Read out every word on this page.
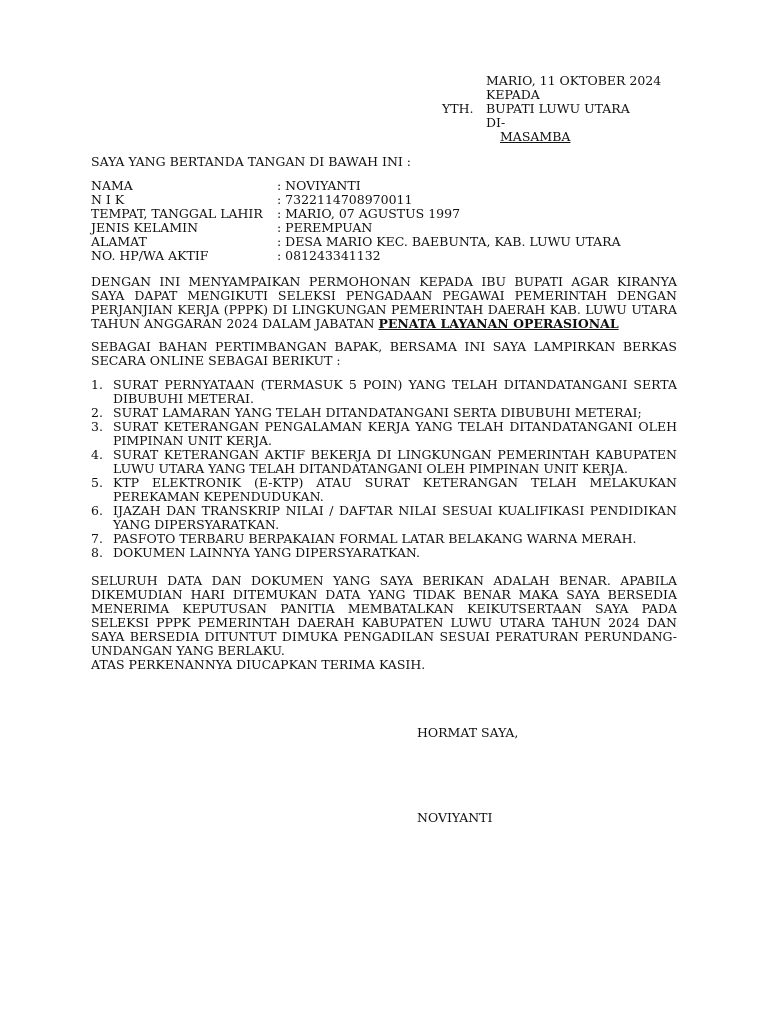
YTH.
MARIO, 11 OKTOBER 2024
KEPADA
BUPATI LUWU UTARA
DI-
MASAMBA
SAYA YANG BERTANDA TANGAN DI BAWAH INI :
NAMA	: NOVIYANTI
N I K	: 7322114708970011
TEMPAT, TANGGAL LAHIR	: MARIO, 07 AGUSTUS 1997
JENIS KELAMIN	: PEREMPUAN
ALAMAT	: DESA MARIO KEC. BAEBUNTA, KAB. LUWU UTARA
NO. HP/WA AKTIF	: 081243341132
DENGAN INI MENYAMPAIKAN PERMOHONAN KEPADA IBU BUPATI AGAR KIRANYA SAYA DAPAT MENGIKUTI SELEKSI PENGADAAN PEGAWAI PEMERINTAH DENGAN PERJANJIAN KERJA (PPPK) DI LINGKUNGAN PEMERINTAH DAERAH KAB. LUWU UTARA TAHUN ANGGARAN 2024 DALAM JABATAN PENATA LAYANAN OPERASIONAL
SEBAGAI BAHAN PERTIMBANGAN BAPAK, BERSAMA INI SAYA LAMPIRKAN BERKAS SECARA ONLINE SEBAGAI BERIKUT :
1. SURAT PERNYATAAN (TERMASUK 5 POIN) YANG TELAH DITANDATANGANI SERTA DIBUBUHI METERAI.
2. SURAT LAMARAN YANG TELAH DITANDATANGANI SERTA DIBUBUHI METERAI;
3. SURAT KETERANGAN PENGALAMAN KERJA YANG TELAH DITANDATANGANI OLEH PIMPINAN UNIT KERJA.
4. SURAT KETERANGAN AKTIF BEKERJA DI LINGKUNGAN PEMERINTAH KABUPATEN LUWU UTARA YANG TELAH DITANDATANGANI OLEH PIMPINAN UNIT KERJA.
5. KTP ELEKTRONIK (E-KTP) ATAU SURAT KETERANGAN TELAH MELAKUKAN PEREKAMAN KEPENDUDUKAN.
6. IJAZAH DAN TRANSKRIP NILAI / DAFTAR NILAI SESUAI KUALIFIKASI PENDIDIKAN YANG DIPERSYARATKAN.
7. PASFOTO TERBARU BERPAKAIAN FORMAL LATAR BELAKANG WARNA MERAH.
8. DOKUMEN LAINNYA YANG DIPERSYARATKAN.
SELURUH DATA DAN DOKUMEN YANG SAYA BERIKAN ADALAH BENAR. APABILA DIKEMUDIAN HARI DITEMUKAN DATA YANG TIDAK BENAR MAKA SAYA BERSEDIA MENERIMA KEPUTUSAN PANITIA MEMBATALKAN KEIKUTSERTAAN SAYA PADA SELEKSI PPPK PEMERINTAH DAERAH KABUPATEN LUWU UTARA TAHUN 2024 DAN SAYA BERSEDIA DITUNTUT DIMUKA PENGADILAN SESUAI PERATURAN PERUNDANG-UNDANGAN YANG BERLAKU.
ATAS PERKENANNYA DIUCAPKAN TERIMA KASIH.
HORMAT SAYA,
NOVIYANTI
